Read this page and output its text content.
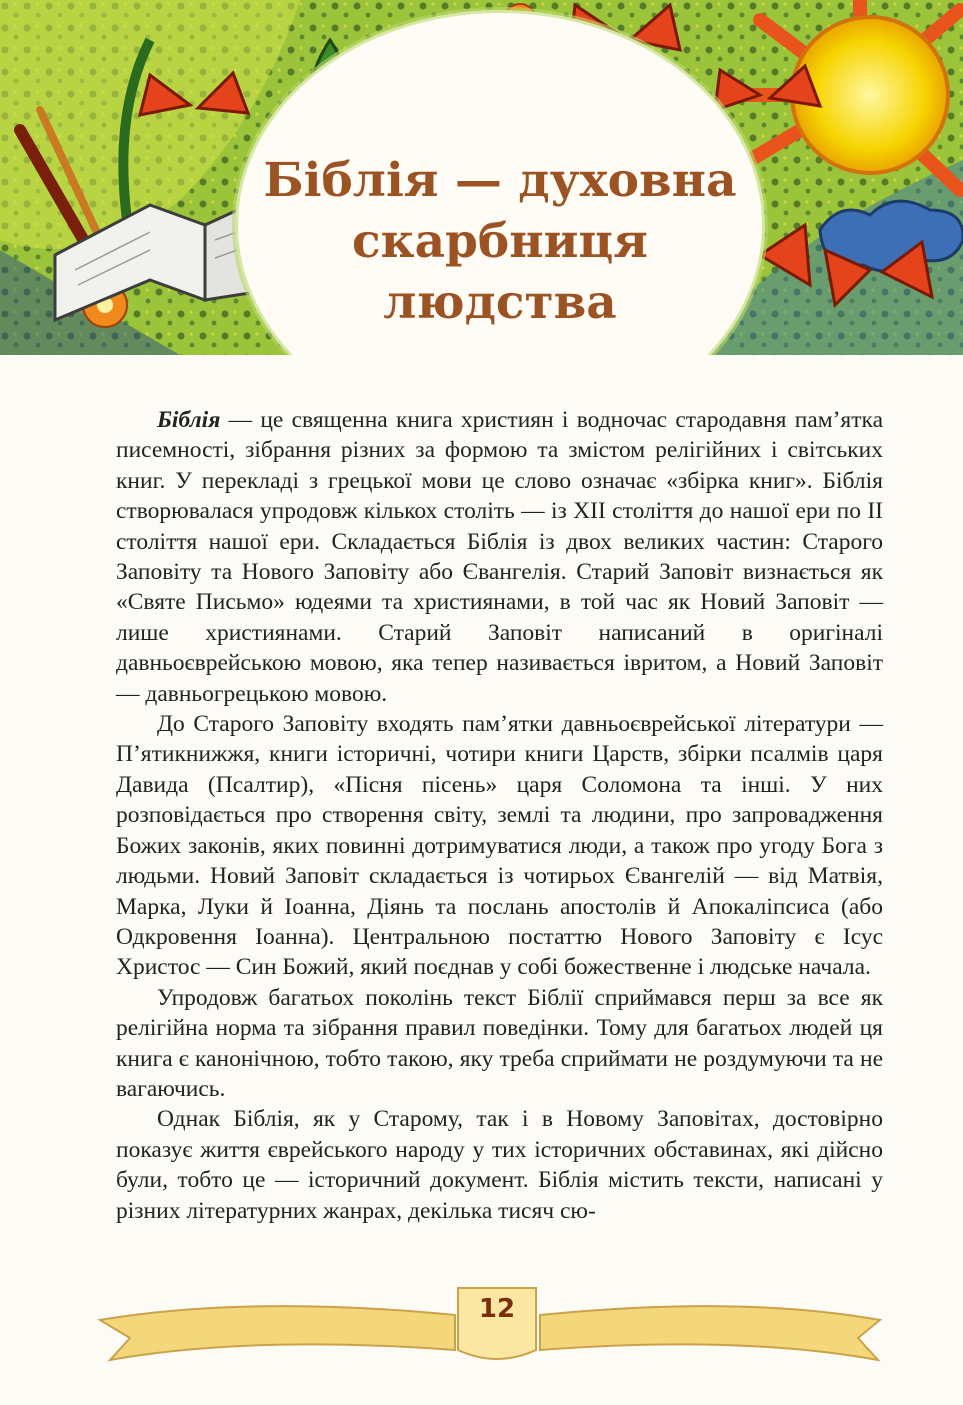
Біблія — духовна
скарбниця
людства

Біблія — це священна книга християн і водночас стародавня пам’ятка писемності, зібрання різних за формою та змістом релігійних і світських книг. У перекладі з грецької мови це слово означає «збірка книг». Біблія створювалася упродовж кількох століть — із XII століття до нашої ери по II століття нашої ери. Складається Біблія із двох великих частин: Старого Заповіту та Нового Заповіту або Євангелія. Старий Заповіт визнається як «Святе Письмо» юдеями та християнами, в той час як Новий Заповіт — лише християнами. Старий Заповіт написаний в оригіналі давньоєврейською мовою, яка тепер називається івритом, а Новий Заповіт — давньогрецькою мовою.

До Старого Заповіту входять пам’ятки давньоєврейської літератури — П’ятикнижжя, книги історичні, чотири книги Царств, збірки псалмів царя Давида (Псалтир), «Пісня пісень» царя Соломона та інші. У них розповідається про створення світу, землі та людини, про запровадження Божих законів, яких повинні дотримуватися люди, а також про угоду Бога з людьми. Новий Заповіт складається із чотирьох Євангелій — від Матвія, Марка, Луки й Іоанна, Діянь та послань апостолів й Апокаліпсиса (або Одкровення Іоанна). Центральною постаттю Нового Заповіту є Ісус Христос — Син Божий, який поєднав у собі божественне і людське начала.

Упродовж багатьох поколінь текст Біблії сприймався перш за все як релігійна норма та зібрання правил поведінки. Тому для багатьох людей ця книга є канонічною, тобто такою, яку треба сприймати не роздумуючи та не вагаючись.

Однак Біблія, як у Старому, так і в Новому Заповітах, достовірно показує життя єврейського народу у тих історичних обставинах, які дійсно були, тобто це — історичний документ. Біблія містить тексти, написані у різних літературних жанрах, декілька тисяч сю-

12
